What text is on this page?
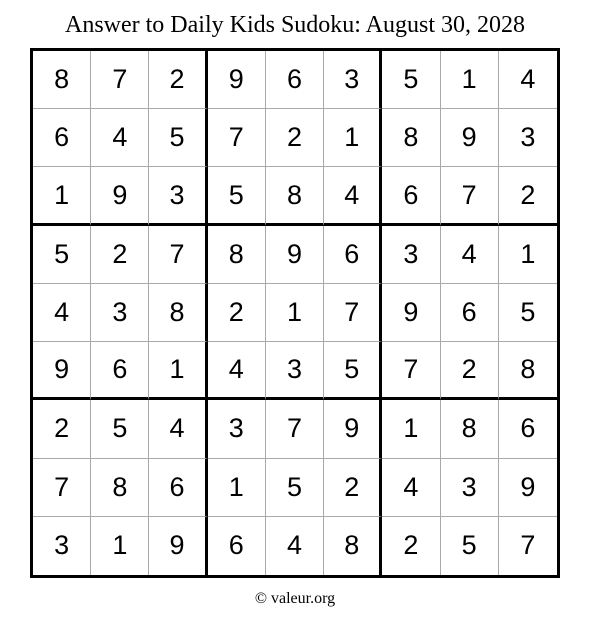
Answer to Daily Kids Sudoku: August 30, 2028
8	7	2	9	6	3	5	1	4
6	4	5	7	2	1	8	9	3
1	9	3	5	8	4	6	7	2
5	2	7	8	9	6	3	4	1
4	3	8	2	1	7	9	6	5
9	6	1	4	3	5	7	2	8
2	5	4	3	7	9	1	8	6
7	8	6	1	5	2	4	3	9
3	1	9	6	4	8	2	5	7
© valeur.org
